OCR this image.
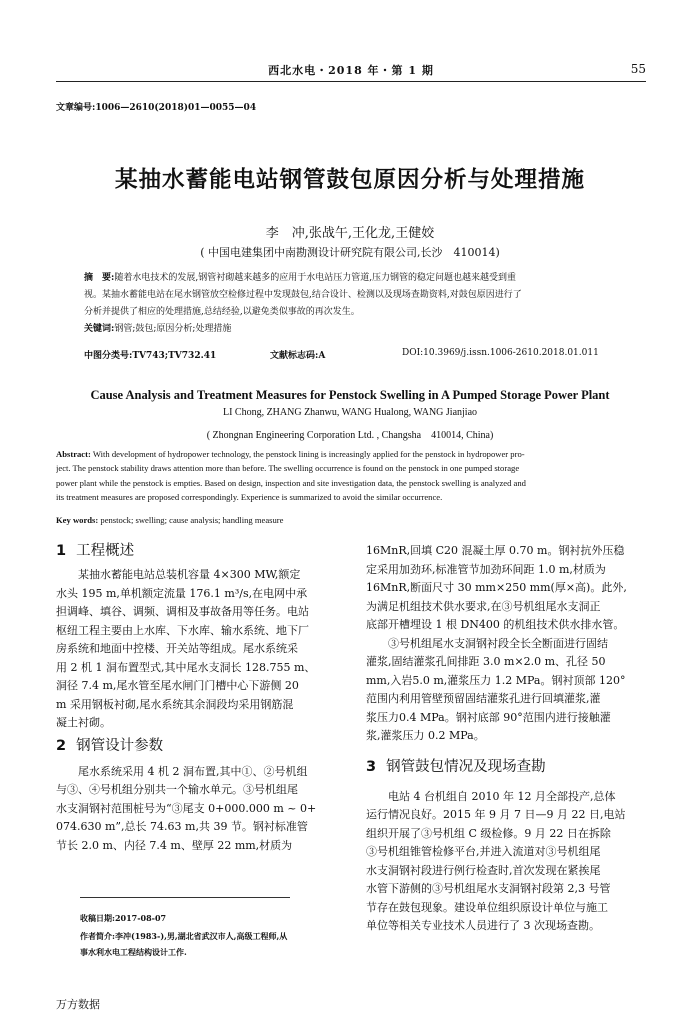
西北水电・2018 年・第 1 期	55
文章编号:1006—2610(2018)01—0055—04
某抽水蓄能电站钢管鼓包原因分析与处理措施
李　冲,张战午,王化龙,王健姣
( 中国电建集团中南勘测设计研究院有限公司,长沙　410014)
摘　要:随着水电技术的发展,钢管衬砌越来越多的应用于水电站压力管道,压力钢管的稳定问题也越来越受到重
视。某抽水蓄能电站在尾水钢管放空检修过程中发现鼓包,结合设计、检测以及现场查勘资料,对鼓包原因进行了
分析并提供了相应的处理措施,总结经验,以避免类似事故的再次发生。
关键词:钢管;鼓包;原因分析;处理措施
中图分类号:TV743;TV732.41	文献标志码:A	DOI:10.3969/j.issn.1006-2610.2018.01.011
Cause Analysis and Treatment Measures for Penstock Swelling in A Pumped Storage Power Plant
LI Chong, ZHANG Zhanwu, WANG Hualong, WANG Jianjiao
( Zhongnan Engineering Corporation Ltd. , Changsha　410014, China)
Abstract: With development of hydropower technology, the penstock lining is increasingly applied for the penstock in hydropower pro-
ject. The penstock stability draws attention more than before. The swelling occurrence is found on the penstock in one pumped storage
power plant while the penstock is empties. Based on design, inspection and site investigation data, the penstock swelling is analyzed and
its treatment measures are proposed correspondingly. Experience is summarized to avoid the similar occurrence.
Key words: penstock; swelling; cause analysis; handling measure
1 工程概述
某抽水蓄能电站总装机容量 4×300 MW,额定
水头 195 m,单机额定流量 176.1 m³/s,在电网中承
担调峰、填谷、调频、调相及事故备用等任务。电站
枢纽工程主要由上水库、下水库、输水系统、地下厂
房系统和地面中控楼、开关站等组成。尾水系统采
用 2 机 1 洞布置型式,其中尾水支洞长 128.755 m、
洞径 7.4 m,尾水管至尾水闸门门槽中心下游侧 20
m 采用钢板衬砌,尾水系统其余洞段均采用钢筋混
凝土衬砌。
2 钢管设计参数
尾水系统采用 4 机 2 洞布置,其中①、②号机组
与③、④号机组分别共一个输水单元。③号机组尾
水支洞钢衬范围桩号为“③尾支 0+000.000 m ~ 0+
074.630 m”,总长 74.63 m,共 39 节。钢衬标准管
节长 2.0 m、内径 7.4 m、壁厚 22 mm,材质为
收稿日期:2017-08-07
作者简介:李冲(1983-),男,湖北省武汉市人,高级工程师,从
事水利水电工程结构设计工作.
16MnR,回填 C20 混凝土厚 0.70 m。钢衬抗外压稳
定采用加劲环,标准管节加劲环间距 1.0 m,材质为
16MnR,断面尺寸 30 mm×250 mm(厚×高)。此外,
为满足机组技术供水要求,在③号机组尾水支洞正
底部开槽埋设 1 根 DN400 的机组技术供水排水管。
③号机组尾水支洞钢衬段全长全断面进行固结
灌浆,固结灌浆孔间排距 3.0 m×2.0 m、孔径 50
mm,入岩5.0 m,灌浆压力 1.2 MPa。钢衬顶部 120°
范围内利用管壁预留固结灌浆孔进行回填灌浆,灌
浆压力0.4 MPa。钢衬底部 90°范围内进行接触灌
浆,灌浆压力 0.2 MPa。
3 钢管鼓包情况及现场查勘
电站 4 台机组自 2010 年 12 月全部投产,总体
运行情况良好。2015 年 9 月 7 日—9 月 22 日,电站
组织开展了③号机组 C 级检修。9 月 22 日在拆除
③号机组锥管检修平台,并进入流道对③号机组尾
水支洞钢衬段进行例行检查时,首次发现在紧挨尾
水管下游侧的③号机组尾水支洞钢衬段第 2,3 号管
节存在鼓包现象。建设单位组织原设计单位与施工
单位等相关专业技术人员进行了 3 次现场查勘。
万方数据
